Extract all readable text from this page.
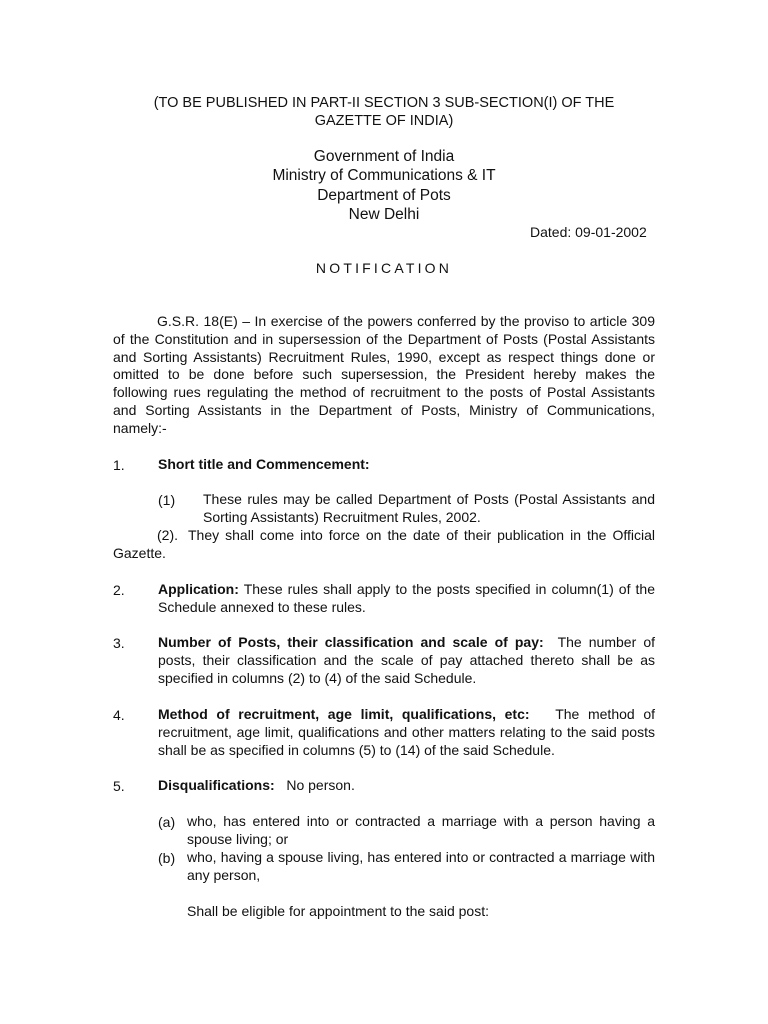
(TO BE PUBLISHED IN PART-II SECTION 3 SUB-SECTION(I) OF THE
GAZETTE OF INDIA)
Government of India
Ministry of Communications & IT
Department of Pots
New Delhi
Dated: 09-01-2002
NOTIFICATION
G.S.R. 18(E) – In exercise of the powers conferred by the proviso to article 309 of the Constitution and in supersession of the Department of Posts (Postal Assistants and Sorting Assistants) Recruitment Rules, 1990, except as respect things done or omitted to be done before such supersession, the President hereby makes the following rues regulating the method of recruitment to the posts of Postal Assistants and Sorting Assistants in the Department of Posts, Ministry of Communications, namely:-
1. Short title and Commencement:
(1) These rules may be called Department of Posts (Postal Assistants and Sorting Assistants) Recruitment Rules, 2002.
(2). They shall come into force on the date of their publication in the Official Gazette.
2. Application: These rules shall apply to the posts specified in column(1) of the Schedule annexed to these rules.
3. Number of Posts, their classification and scale of pay: The number of posts, their classification and the scale of pay attached thereto shall be as specified in columns (2) to (4) of the said Schedule.
4. Method of recruitment, age limit, qualifications, etc: The method of recruitment, age limit, qualifications and other matters relating to the said posts shall be as specified in columns (5) to (14) of the said Schedule.
5. Disqualifications: No person.
(a) who, has entered into or contracted a marriage with a person having a spouse living; or
(b) who, having a spouse living, has entered into or contracted a marriage with any person,
Shall be eligible for appointment to the said post:
